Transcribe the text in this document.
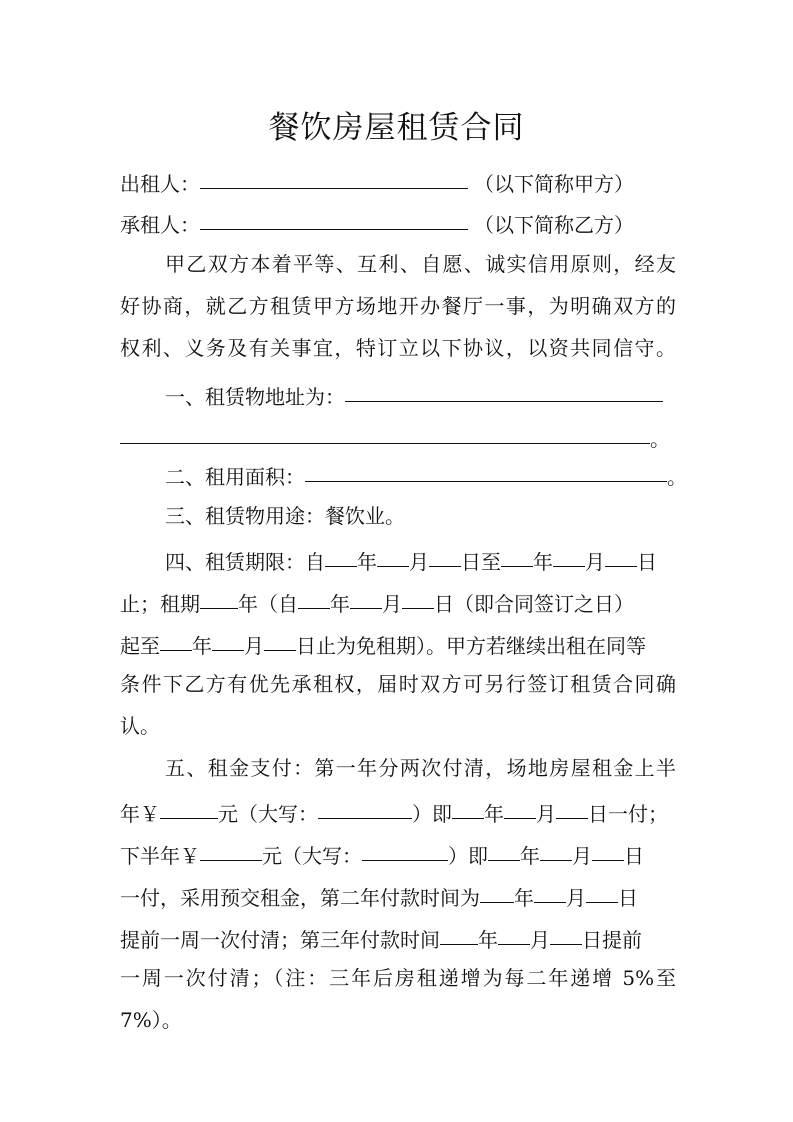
餐饮房屋租赁合同
出租人：	（以下简称甲方）
承租人：	（以下简称乙方）
甲乙双方本着平等、互利、自愿、诚实信用原则，经友
好协商，就乙方租赁甲方场地开办餐厅一事，为明确双方的
权利、义务及有关事宜，特订立以下协议，以资共同信守。
一、租赁物地址为：
。
二、租用面积：	。
三、租赁物用途：餐饮业。
四、租赁期限：自 年 月 日至 年 月 日
止；租期 年（自 年 月 日（即合同签订之日）
起至 年 月 日止为免租期）。甲方若继续出租在同等
条件下乙方有优先承租权，届时双方可另行签订租赁合同确
认。
五、租金支付：第一年分两次付清，场地房屋租金上半
年￥	元（大写：	）即 年 月 日一付；
下半年￥	元（大写：	）即 年 月 日
一付，采用预交租金，第二年付款时间为 年 月 日
提前一周一次付清；第三年付款时间 年 月 日提前
一周一次付清；（注：三年后房租递增为每二年递增 5%至
7%）。
